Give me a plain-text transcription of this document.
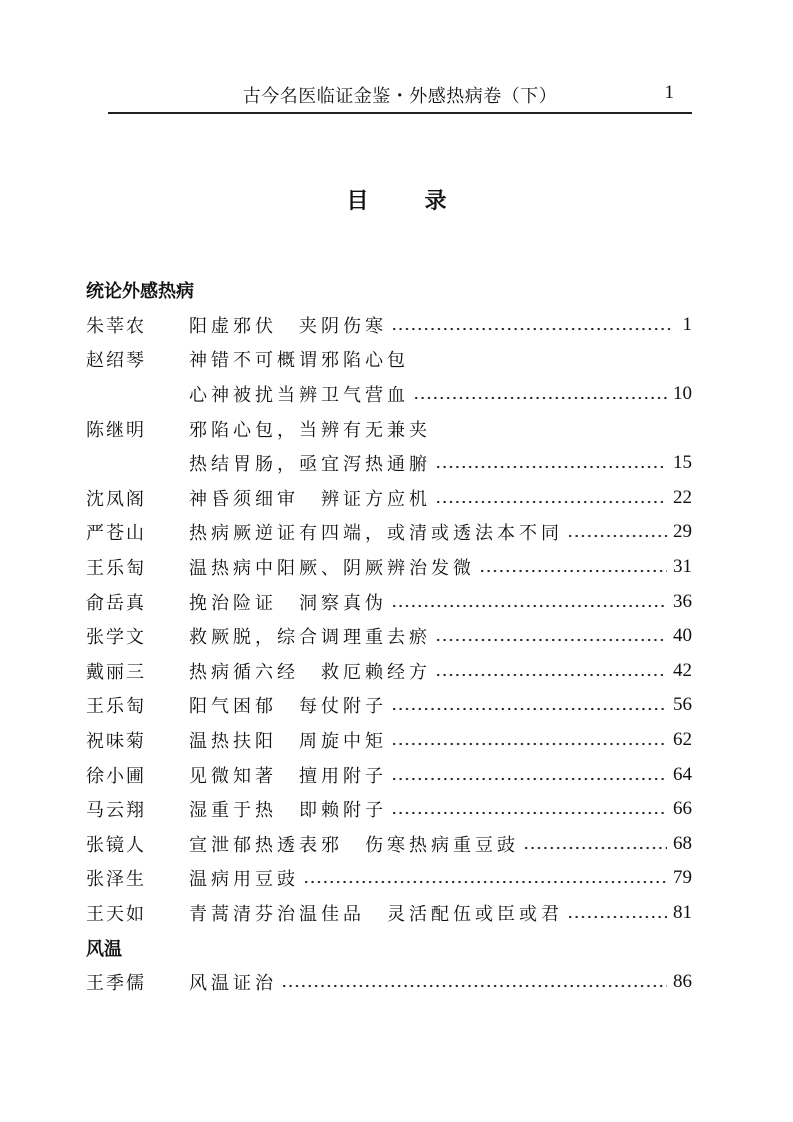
古今名医临证金鉴・外感热病卷（下）	1
目	录
统论外感热病
朱莘农	阳虚邪伏　夹阴伤寒	1
赵绍琴	神错不可概谓邪陷心包
心神被扰当辨卫气营血	10
陈继明	邪陷心包，当辨有无兼夹
热结胃肠，亟宜泻热通腑	15
沈凤阁	神昏须细审　辨证方应机	22
严苍山	热病厥逆证有四端，或清或透法本不同	29
王乐匋	温热病中阳厥、阴厥辨治发微	31
俞岳真	挽治险证　洞察真伪	36
张学文	救厥脱，综合调理重去瘀	40
戴丽三	热病循六经　救厄赖经方	42
王乐匋	阳气困郁　每仗附子	56
祝味菊	温热扶阳　周旋中矩	62
徐小圃	见微知著　擅用附子	64
马云翔	湿重于热　即赖附子	66
张镜人	宣泄郁热透表邪　伤寒热病重豆豉	68
张泽生	温病用豆豉	79
王天如	青蒿清芬治温佳品　灵活配伍或臣或君	81
风温
王季儒	风温证治	86
